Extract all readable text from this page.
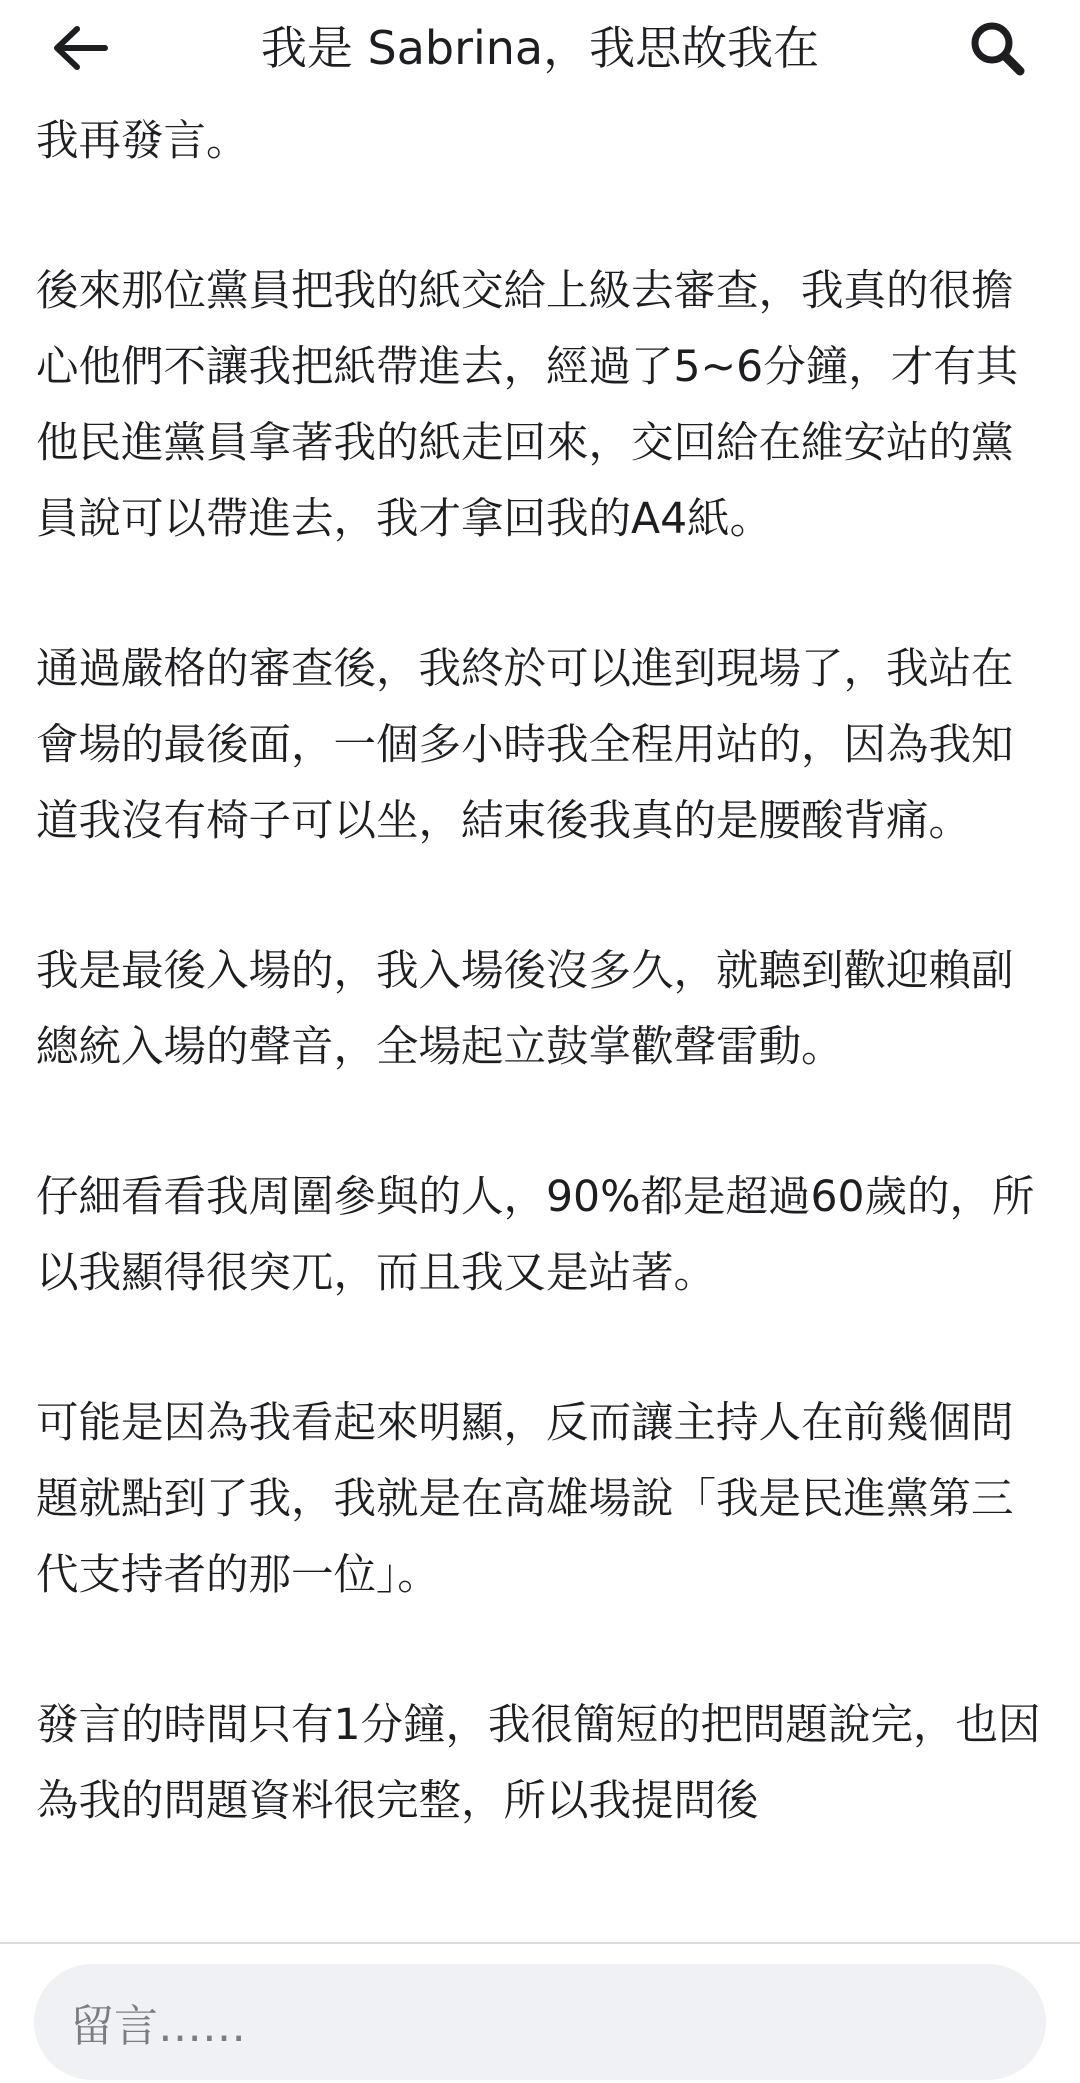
我是 Sabrina，我思故我在

我再發言。

後來那位黨員把我的紙交給上級去審查，我真的很擔心他們不讓我把紙帶進去，經過了5~6分鐘，才有其他民進黨員拿著我的紙走回來，交回給在維安站的黨員說可以帶進去，我才拿回我的A4紙。

通過嚴格的審查後，我終於可以進到現場了，我站在會場的最後面，一個多小時我全程用站的，因為我知道我沒有椅子可以坐，結束後我真的是腰酸背痛。

我是最後入場的，我入場後沒多久，就聽到歡迎賴副總統入場的聲音，全場起立鼓掌歡聲雷動。

仔細看看我周圍參與的人，90%都是超過60歲的，所以我顯得很突兀，而且我又是站著。

可能是因為我看起來明顯，反而讓主持人在前幾個問題就點到了我，我就是在高雄場說「我是民進黨第三代支持者的那一位」。

發言的時間只有1分鐘，我很簡短的把問題說完，也因為我的問題資料很完整，所以我提問後

留言……
